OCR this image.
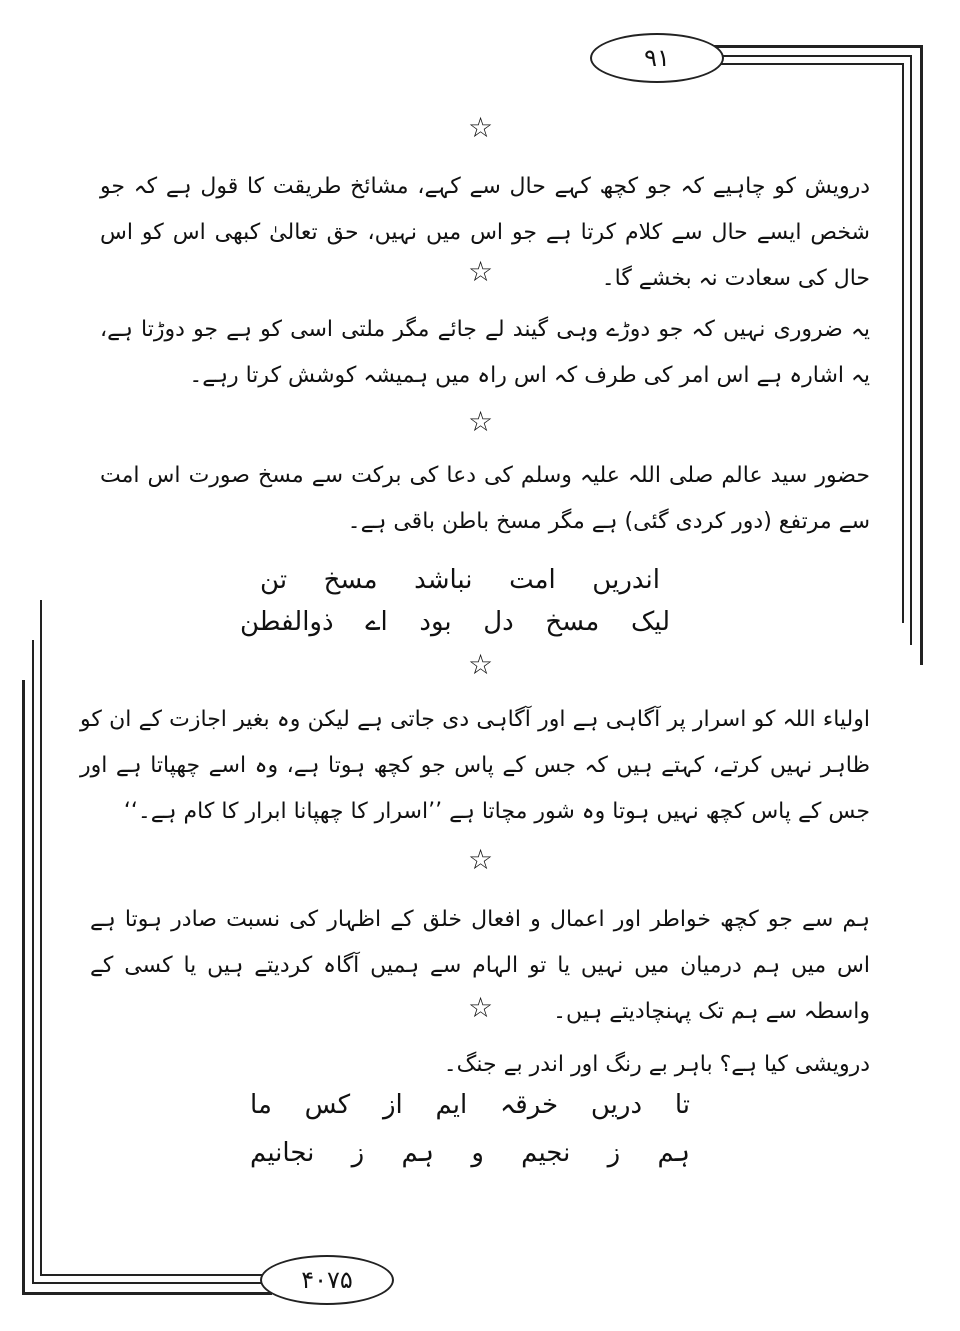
۹۱
۴۰۷۵
☆
☆
☆
☆
☆
☆
درویش کو چاہیے کہ جو کچھ کہے حال سے کہے، مشائخ طریقت کا قول ہے کہ جو شخص ایسے حال سے کلام کرتا ہے جو اس میں نہیں، حق تعالیٰ کبھی اس کو اس حال کی سعادت نہ بخشے گا۔
یہ ضروری نہیں کہ جو دوڑے وہی گیند لے جائے مگر ملتی اسی کو ہے جو دوڑتا ہے، یہ اشارہ ہے اس امر کی طرف کہ اس راہ میں ہمیشہ کوشش کرتا رہے۔
حضور سید عالم صلی اللہ علیہ وسلم کی دعا کی برکت سے مسخ صورت اس امت سے مرتفع (دور کردی گئی) ہے مگر مسخ باطن باقی ہے۔
اندریں
امت
نباشد
مسخ
تن
لیک
مسخ
دل
بود
اے
ذوالفطن
اولیاء اللہ کو اسرار پر آگاہی ہے اور آگاہی دی جاتی ہے لیکن وہ بغیر اجازت کے ان کو ظاہر نہیں کرتے، کہتے ہیں کہ جس کے پاس جو کچھ ہوتا ہے، وہ اسے چھپاتا ہے اور جس کے پاس کچھ نہیں ہوتا وہ شور مچاتا ہے ’’اسرار کا چھپانا ابرار کا کام ہے۔‘‘
ہم سے جو کچھ خواطر اور اعمال و افعال خلق کے اظہار کی نسبت صادر ہوتا ہے اس میں ہم درمیان میں نہیں یا تو الہام سے ہمیں آگاہ کردیتے ہیں یا کسی کے واسطہ سے ہم تک پہنچادیتے ہیں۔
درویشی کیا ہے؟ باہر بے رنگ اور اندر بے جنگ۔
تا
دریں
خرقہ
ایم
از
کس
ما
ہم
ز
نجیم
و
ہم
ز
نجانیم
